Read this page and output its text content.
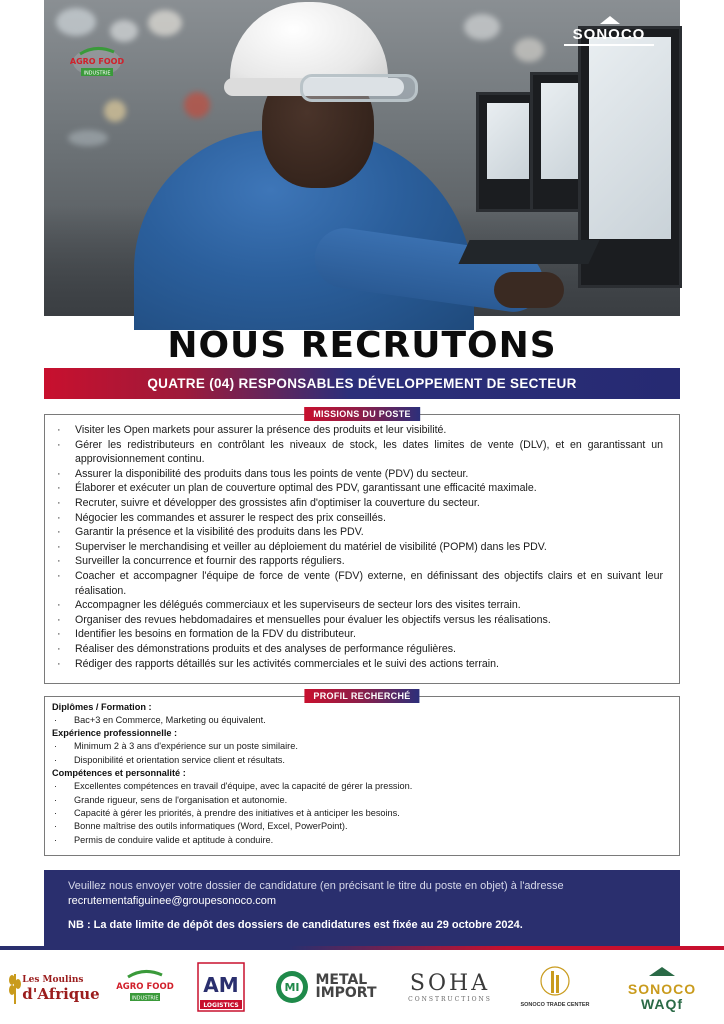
AGRO FOOD
INDUSTRIE
SONOCO
NOUS RECRUTONS
QUATRE (04) RESPONSABLES DÉVELOPPEMENT DE SECTEUR
MISSIONS DU POSTE
· Visiter les Open markets pour assurer la présence des produits et leur visibilité.
· Gérer les redistributeurs en contrôlant les niveaux de stock, les dates limites de vente (DLV), et en garantissant un approvisionnement continu.
· Assurer la disponibilité des produits dans tous les points de vente (PDV) du secteur.
· Élaborer et exécuter un plan de couverture optimal des PDV, garantissant une efficacité maximale.
· Recruter, suivre et développer des grossistes afin d'optimiser la couverture du secteur.
· Négocier les commandes et assurer le respect des prix conseillés.
· Garantir la présence et la visibilité des produits dans les PDV.
· Superviser le merchandising et veiller au déploiement du matériel de visibilité (POPM) dans les PDV.
· Surveiller la concurrence et fournir des rapports réguliers.
· Coacher et accompagner l'équipe de force de vente (FDV) externe, en définissant des objectifs clairs et en suivant leur réalisation.
· Accompagner les délégués commerciaux et les superviseurs de secteur lors des visites terrain.
· Organiser des revues hebdomadaires et mensuelles pour évaluer les objectifs versus les réalisations.
· Identifier les besoins en formation de la FDV du distributeur.
· Réaliser des démonstrations produits et des analyses de performance régulières.
· Rédiger des rapports détaillés sur les activités commerciales et le suivi des actions terrain.
PROFIL RECHERCHÉ
Diplômes / Formation :
· Bac+3 en Commerce, Marketing ou équivalent.
Expérience professionnelle :
· Minimum 2 à 3 ans d'expérience sur un poste similaire.
· Disponibilité et orientation service client et résultats.
Compétences et personnalité :
· Excellentes compétences en travail d'équipe, avec la capacité de gérer la pression.
· Grande rigueur, sens de l'organisation et autonomie.
· Capacité à gérer les priorités, à prendre des initiatives et à anticiper les besoins.
· Bonne maîtrise des outils informatiques (Word, Excel, PowerPoint).
· Permis de conduire valide et aptitude à conduire.
Veuillez nous envoyer votre dossier de candidature (en précisant le titre du poste en objet) à l'adresse
recrutementafiguinee@groupesonoco.com
NB : La date limite de dépôt des dossiers de candidatures est fixée au 29 octobre 2024.
Les Moulins
d'Afrique AGRO FOOD
INDUSTRIE
AM
LOGISTICS
MI METAL
IMPORT SOHA
CONSTRUCTIONS
SONOCO TRADE CENTER
SONOCO
WAQf
